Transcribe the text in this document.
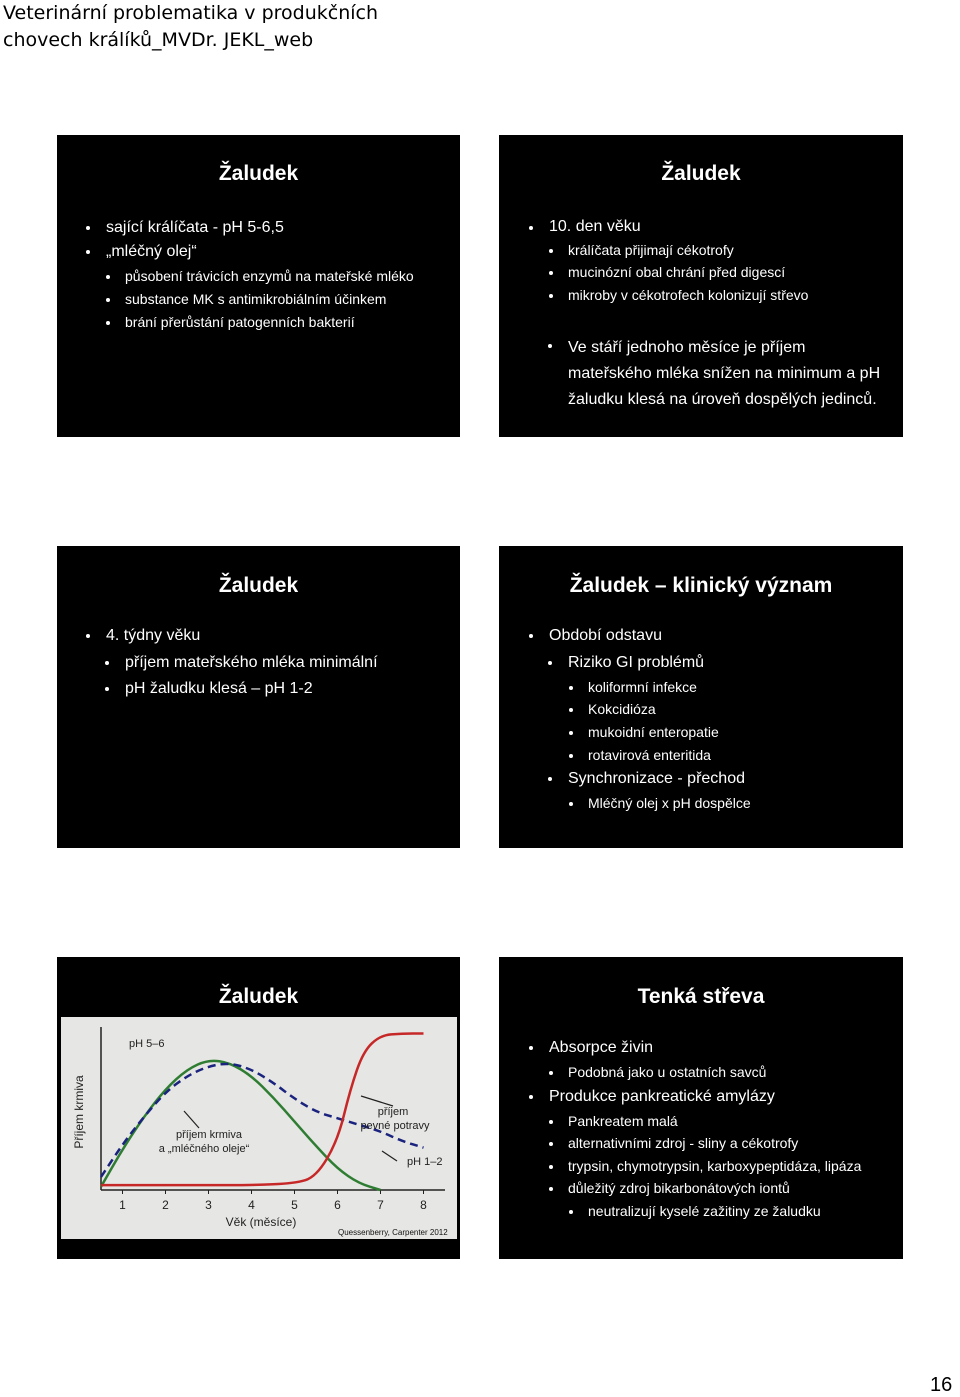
Veterinární problematika v produkčních
chovech králíků_MVDr. JEKL_web
Žaludek
sající králíčata - pH 5-6,5
„mléčný olej“
působení trávicích enzymů na mateřské mléko
substance MK s antimikrobiálním účinkem
brání přerůstání patogenních bakterií
Žaludek
10. den věku
králíčata přijimají cékotrofy
mucinózní obal chrání před digescí
mikroby v cékotrofech kolonizují střevo
Ve stáří jednoho měsíce je příjem
mateřského mléka snížen na minimum a pH
žaludku klesá na úroveň dospělých jedinců.
Žaludek
4. týdny věku
příjem mateřského mléka minimální
pH žaludku klesá – pH 1-2
Žaludek – klinický význam
Období odstavu
Riziko GI problémů
koliformní infekce
Kokcidióza
mukoidní enteropatie
rotavirová enteritida
Synchronizace - přechod
Mléčný olej x pH dospělce
Žaludek
1	2	3	4	5	6	7	8
Věk (měsíce)
Příjem krmiva
pH 5–6
pH 1–2
příjem krmiva
a „mléčného oleje“
příjem
pevné potravy
Quessenberry, Carpenter 2012
Tenká střeva
Absorpce živin
Podobná jako u ostatních savců
Produkce pankreatické amylázy
Pankreatem malá
alternativními zdroj - sliny a cékotrofy
trypsin, chymotrypsin, karboxypeptidáza, lipáza
důležitý zdroj bikarbonátových iontů
neutralizují kyselé zažitiny ze žaludku
16
